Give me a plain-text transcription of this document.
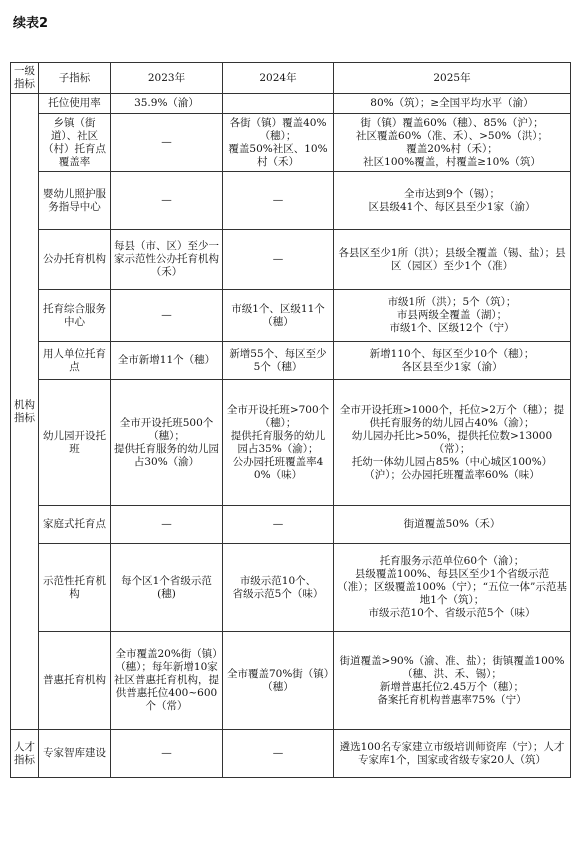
续表2
一级指标	子指标	2023年	2024年	2025年
机构指标	托位使用率	35.9%（渝）		80%（筑）；≥全国平均水平（渝）

	乡镇（街道）、社区（村）托育点覆盖率	—	各街（镇）覆盖40%（穗）；
覆盖50%社区、10%村（禾）	街（镇）覆盖60%（穗）、85%（沪）；
社区覆盖60%（准、禾）、>50%（洪）；
覆盖20%村（禾）；
社区100%覆盖，村覆盖≥10%（筑）

	婴幼儿照护服务指导中心	—	—	全市达到9个（锡）；
区县级41个、每区县至少1家（渝）

	公办托育机构	每县（市、区）至少一家示范性公办托育机构（禾）	—	各县区至少1所（洪）；县级全覆盖（锡、盐）；县区（园区）至少1个（准）

	托育综合服务中心	—	市级1个、区级11个（穗）	市级1所（洪）；5个（筑）；
市县两级全覆盖（湖）；
市级1个、区级12个（宁）

	用人单位托育点	全市新增11个（穗）	新增55个、每区至少5个（穗）	新增110个、每区至少10个（穗）；
各区县至少1家（渝）

	幼儿园开设托班	全市开设托班500个（穗）；
提供托育服务的幼儿园占30%（渝）	全市开设托班>700个（穗）；
提供托育服务的幼儿园占35%（渝）；
公办园托班覆盖率40%（味）	全市开设托班>1000个，托位>2万个（穗）；提供托育服务的幼儿园占40%（渝）；
幼儿园办托比>50%，提供托位数>13000（常）；
托幼一体幼儿园占85%（中心城区100%）（沪）；公办园托班覆盖率60%（味）

	家庭式托育点	—	—	街道覆盖50%（禾）

	示范性托育机构	每个区1个省级示范(穗)	市级示范10个、
省级示范5个（味）	托育服务示范单位60个（渝）；
县级覆盖100%、每县区至少1个省级示范（准）；区级覆盖100%（宁）；“五位一体”示范基地1个（筑）；
市级示范10个、省级示范5个（味）

	普惠托育机构	全市覆盖20%街（镇）（穗）；每年新增10家社区普惠托育机构，提供普惠托位400~600个（常）	全市覆盖70%街（镇）（穗）	街道覆盖>90%（渝、准、盐）；街镇覆盖100%（穗、洪、禾、锡）；
新增普惠托位2.45万个（穗）；
备案托育机构普惠率75%（宁）

人才指标	专家智库建设	—	—	遴选100名专家建立市级培训师资库（宁）；人才专家库1个，国家或省级专家20人（筑）
